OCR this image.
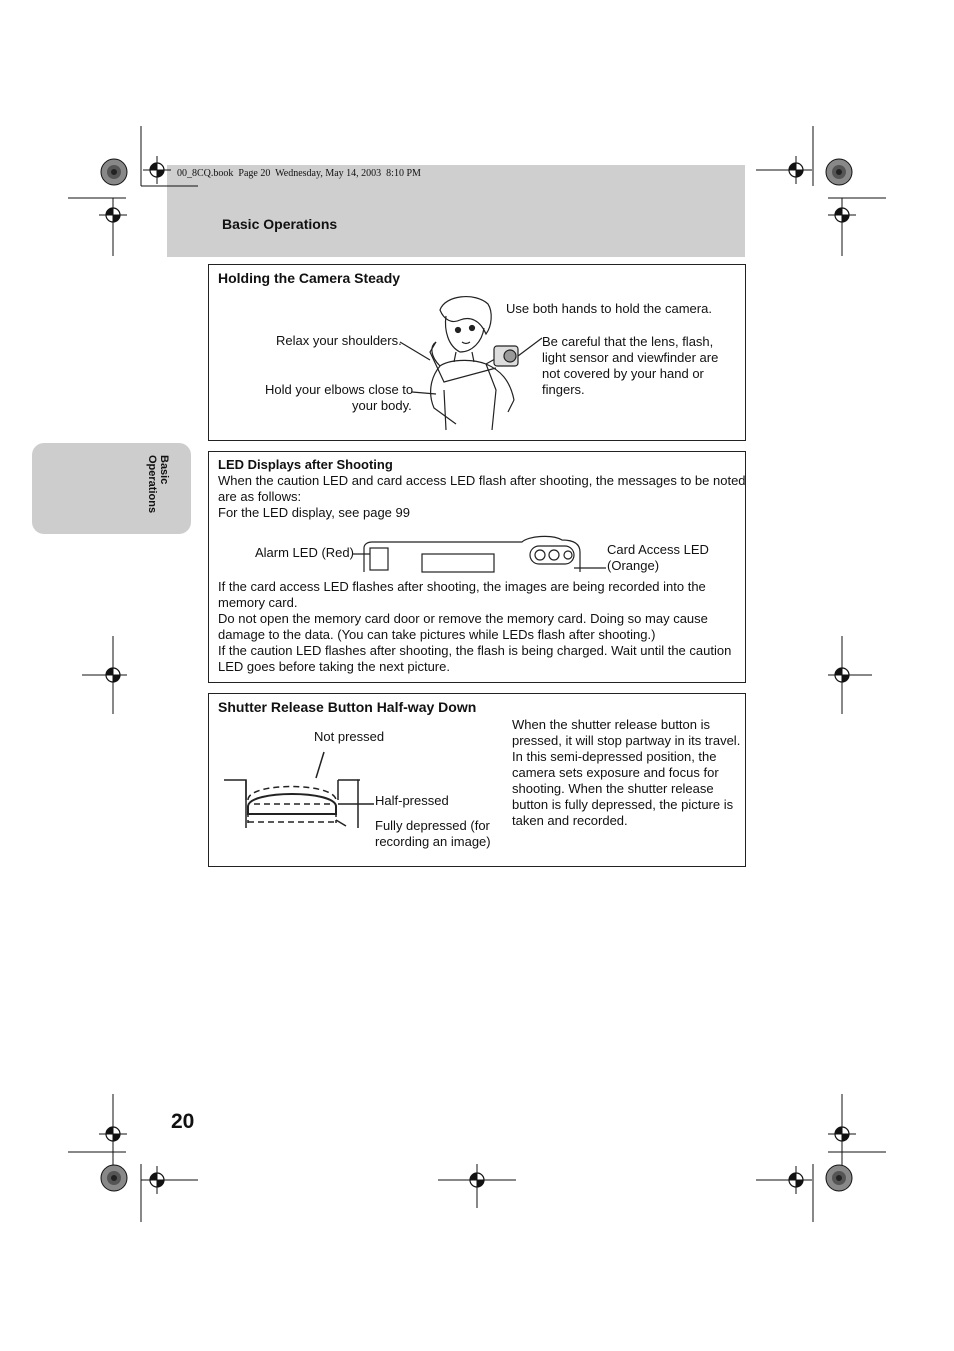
00_8CQ.book  Page 20  Wednesday, May 14, 2003  8:10 PM
Basic Operations
Basic
Operations
Holding the Camera Steady
Use both hands to hold the camera.
Relax your shoulders.
Hold your elbows close to
your body.
Be careful that the lens, flash,
light sensor and viewfinder are
not covered by your hand or
fingers.
LED Displays after Shooting
When the caution LED and card access LED flash after shooting, the messages to be noted
are as follows:
For the LED display, see page 99
Alarm LED (Red)	Card Access LED
(Orange)
If the card access LED flashes after shooting, the images are being recorded into the
memory card.
Do not open the memory card door or remove the memory card. Doing so may cause
damage to the data. (You can take pictures while LEDs flash after shooting.)
If the caution LED flashes after shooting, the flash is being charged. Wait until the caution
LED goes before taking the next picture.
Shutter Release Button Half-way Down
Not pressed
Half-pressed
Fully depressed (for
recording an image)
When the shutter release button is
pressed, it will stop partway in its travel.
In this semi-depressed position, the
camera sets exposure and focus for
shooting. When the shutter release
button is fully depressed, the picture is
taken and recorded.
20
